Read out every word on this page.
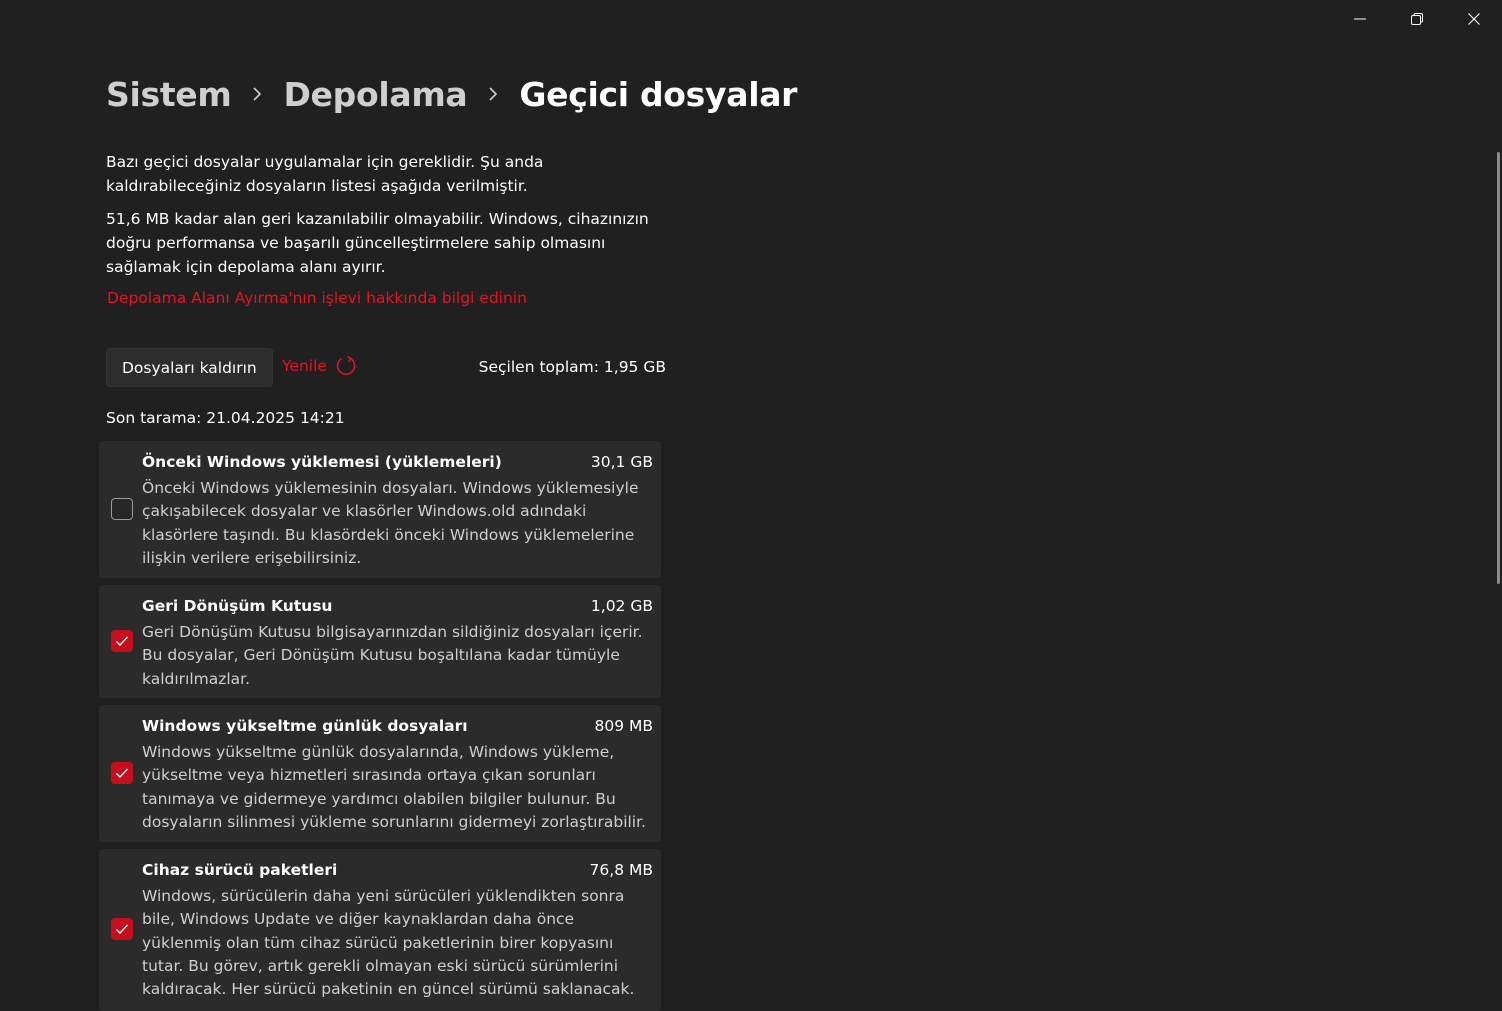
Sistem Depolama Geçici dosyalar

Bazı geçici dosyalar uygulamalar için gereklidir. Şu anda kaldırabileceğiniz dosyaların listesi aşağıda verilmiştir.

51,6 MB kadar alan geri kazanılabilir olmayabilir. Windows, cihazınızın doğru performansa ve başarılı güncelleştirmelere sahip olmasını sağlamak için depolama alanı ayırır.

Depolama Alanı Ayırma'nın işlevi hakkında bilgi edinin
Dosyaları kaldırın	Yenile	Seçilen toplam: 1,95 GB
Son tarama: 21.04.2025 14:21
Önceki Windows yüklemesi (yüklemeleri)	30,1 GB

Önceki Windows yüklemesinin dosyaları. Windows yüklemesiyle çakışabilecek dosyalar ve klasörler Windows.old adındaki klasörlere taşındı. Bu klasördeki önceki Windows yüklemelerine ilişkin verilere erişebilirsiniz.

Geri Dönüşüm Kutusu	1,02 GB

Geri Dönüşüm Kutusu bilgisayarınızdan sildiğiniz dosyaları içerir. Bu dosyalar, Geri Dönüşüm Kutusu boşaltılana kadar tümüyle kaldırılmazlar.

Windows yükseltme günlük dosyaları	809 MB

Windows yükseltme günlük dosyalarında, Windows yükleme, yükseltme veya hizmetleri sırasında ortaya çıkan sorunları tanımaya ve gidermeye yardımcı olabilen bilgiler bulunur. Bu dosyaların silinmesi yükleme sorunlarını gidermeyi zorlaştırabilir.

Cihaz sürücü paketleri	76,8 MB

Windows, sürücülerin daha yeni sürücüleri yüklendikten sonra bile, Windows Update ve diğer kaynaklardan daha önce yüklenmiş olan tüm cihaz sürücü paketlerinin birer kopyasını tutar. Bu görev, artık gerekli olmayan eski sürücü sürümlerini kaldıracak. Her sürücü paketinin en güncel sürümü saklanacak.
